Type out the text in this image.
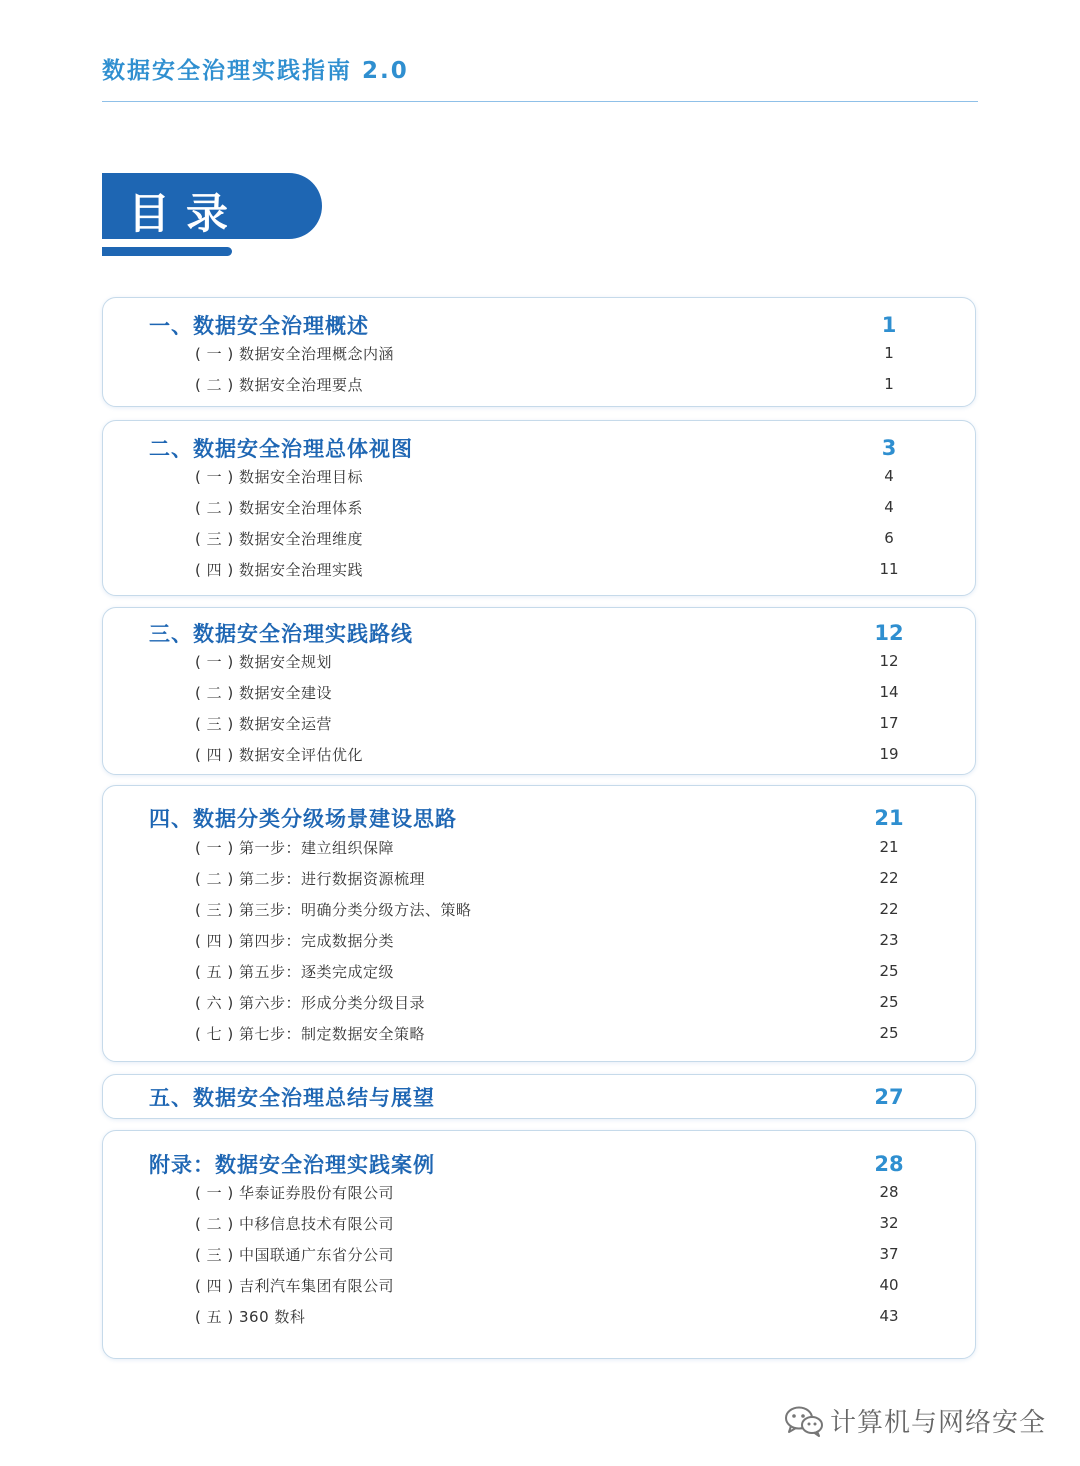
数据安全治理实践指南 2.0
目录
一、数据安全治理概述	1
( 一 ) 数据安全治理概念内涵	1
( 二 ) 数据安全治理要点	1
二、数据安全治理总体视图	3
( 一 ) 数据安全治理目标	4
( 二 ) 数据安全治理体系	4
( 三 ) 数据安全治理维度	6
( 四 ) 数据安全治理实践	11
三、数据安全治理实践路线	12
( 一 ) 数据安全规划	12
( 二 ) 数据安全建设	14
( 三 ) 数据安全运营	17
( 四 ) 数据安全评估优化	19
四、数据分类分级场景建设思路	21
( 一 ) 第一步：建立组织保障	21
( 二 ) 第二步：进行数据资源梳理	22
( 三 ) 第三步：明确分类分级方法、策略	22
( 四 ) 第四步：完成数据分类	23
( 五 ) 第五步：逐类完成定级	25
( 六 ) 第六步：形成分类分级目录	25
( 七 ) 第七步：制定数据安全策略	25
五、数据安全治理总结与展望	27
附录：数据安全治理实践案例	28
( 一 ) 华泰证券股份有限公司	28
( 二 ) 中移信息技术有限公司	32
( 三 ) 中国联通广东省分公司	37
( 四 ) 吉利汽车集团有限公司	40
( 五 ) 360 数科	43
计算机与网络安全
